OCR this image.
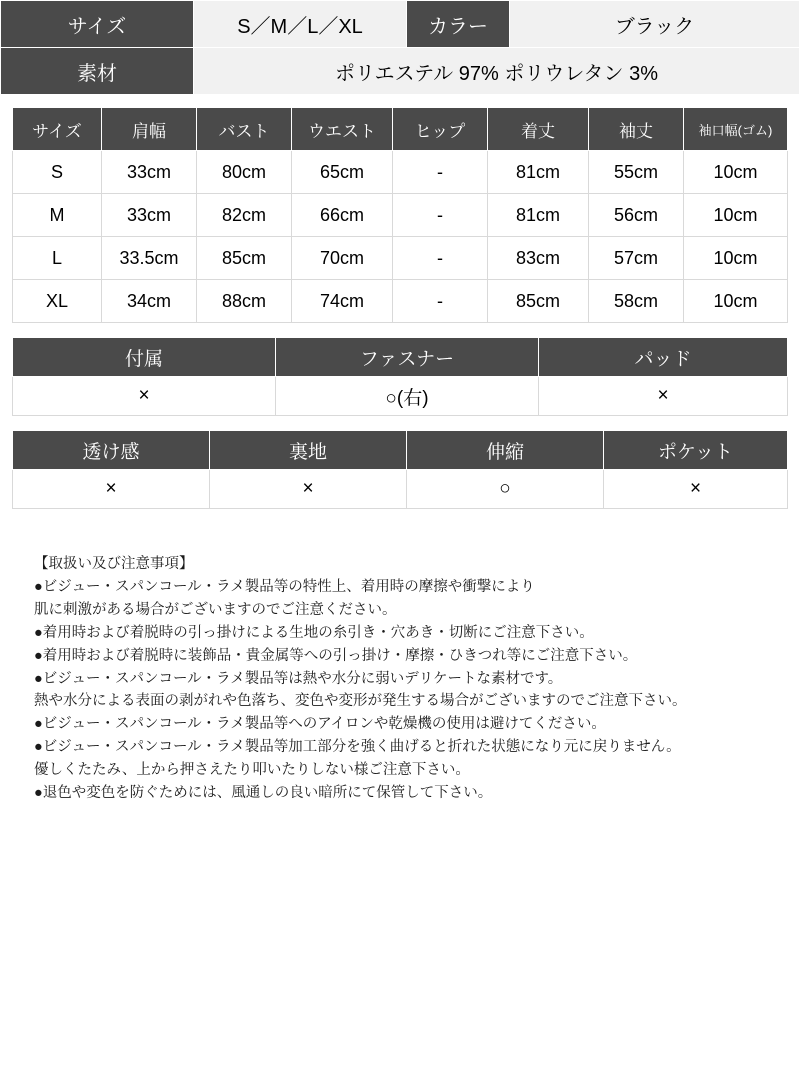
サイズ	S／M／L／XL	カラー	ブラック
素材	ポリエステル 97% ポリウレタン 3%		
サイズ	肩幅	バスト	ウエスト	ヒップ	着丈	袖丈	袖口幅(ゴム)
S	33cm	80cm	65cm	-	81cm	55cm	10cm
M	33cm	82cm	66cm	-	81cm	56cm	10cm
L	33.5cm	85cm	70cm	-	83cm	57cm	10cm
XL	34cm	88cm	74cm	-	85cm	58cm	10cm
付属	ファスナー	パッド
×	○(右)	×
透け感	裏地	伸縮	ポケット
×	×	○	×
【取扱い及び注意事項】
●ビジュー・スパンコール・ラメ製品等の特性上、着用時の摩擦や衝撃により
肌に刺激がある場合がございますのでご注意ください。
●着用時および着脱時の引っ掛けによる生地の糸引き・穴あき・切断にご注意下さい。
●着用時および着脱時に装飾品・貴金属等への引っ掛け・摩擦・ひきつれ等にご注意下さい。
●ビジュー・スパンコール・ラメ製品等は熱や水分に弱いデリケートな素材です。
熱や水分による表面の剥がれや色落ち、変色や変形が発生する場合がございますのでご注意下さい。
●ビジュー・スパンコール・ラメ製品等へのアイロンや乾燥機の使用は避けてください。
●ビジュー・スパンコール・ラメ製品等加工部分を強く曲げると折れた状態になり元に戻りません。
優しくたたみ、上から押さえたり叩いたりしない様ご注意下さい。
●退色や変色を防ぐためには、風通しの良い暗所にて保管して下さい。
